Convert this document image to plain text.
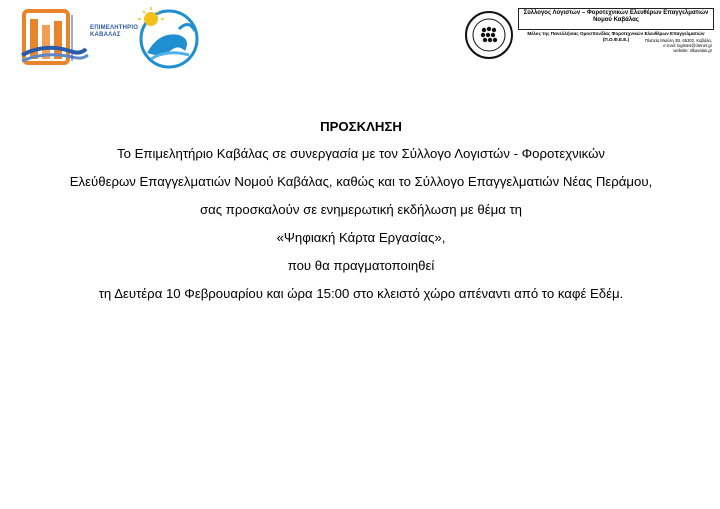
ΕΠΙΜΕΛΗΤΗΡΙΟ
ΚΑΒΑΛΑΣ
Σύλλογος Λογιστών – Φοροτεχνικών Ελευθέρων Επαγγελματιών
Νομού Καβάλας
Μέλος της Πανελλήνιας Ομοσπονδίας Φοροτεχνικών Ελευθέρων Επαγγελματιών (Π.Ο.Φ.Ε.Ε.)	Πλατεία Μιαύλη 2Β, 65302, Καβάλα,
e-mail: logistes@otenet.gr
website: slkavalas.gr

ΠΡΟΣΚΛΗΣΗ

Το Επιμελητήριο Καβάλας σε συνεργασία με τον Σύλλογο Λογιστών - Φοροτεχνικών

Ελεύθερων Επαγγελματιών Νομού Καβάλας, καθώς και το Σύλλογο Επαγγελματιών Νέας Περάμου,

σας προσκαλούν σε ενημερωτική εκδήλωση με θέμα τη

«Ψηφιακή Κάρτα Εργασίας»,

που θα πραγματοποιηθεί

τη Δευτέρα 10 Φεβρουαρίου και ώρα 15:00 στο κλειστό χώρο απέναντι από το καφέ Εδέμ.
